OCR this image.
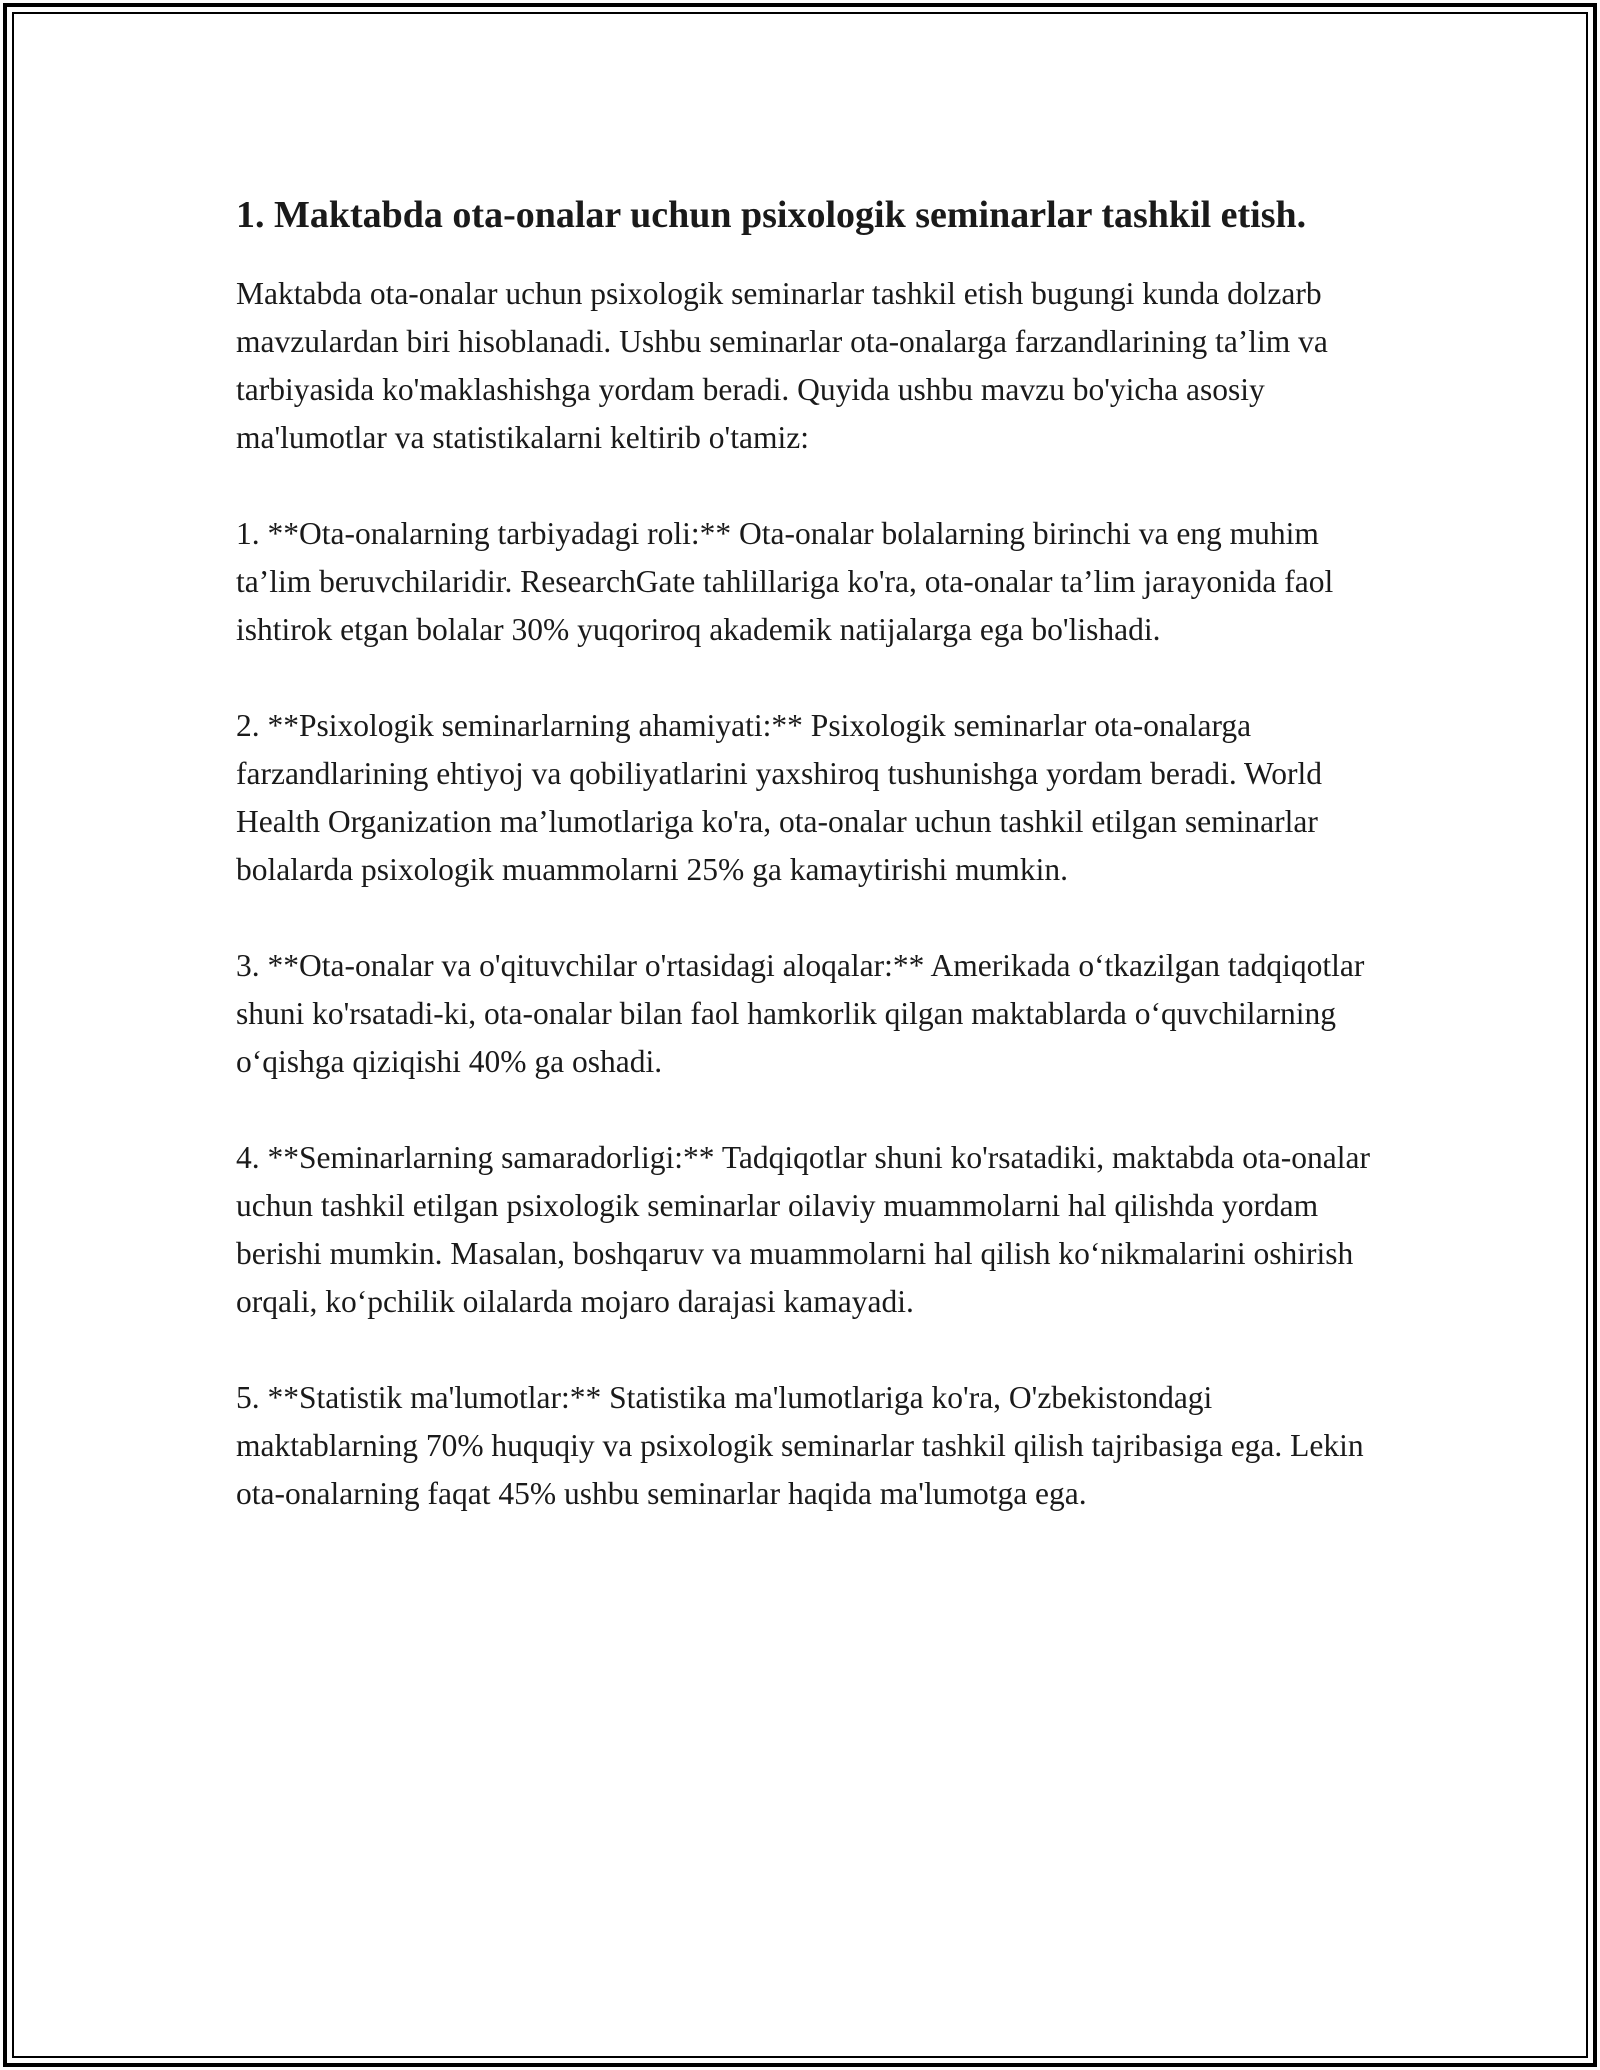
1. Maktabda ota-onalar uchun psixologik seminarlar tashkil etish.

Maktabda ota-onalar uchun psixologik seminarlar tashkil etish bugungi kunda dolzarb mavzulardan biri hisoblanadi. Ushbu seminarlar ota-onalarga farzandlarining ta’lim va tarbiyasida ko'maklashishga yordam beradi. Quyida ushbu mavzu bo'yicha asosiy ma'lumotlar va statistikalarni keltirib o'tamiz:

1. **Ota-onalarning tarbiyadagi roli:** Ota-onalar bolalarning birinchi va eng muhim ta’lim beruvchilaridir. ResearchGate tahlillariga ko'ra, ota-onalar ta’lim jarayonida faol ishtirok etgan bolalar 30% yuqoriroq akademik natijalarga ega bo'lishadi.

2. **Psixologik seminarlarning ahamiyati:** Psixologik seminarlar ota-onalarga farzandlarining ehtiyoj va qobiliyatlarini yaxshiroq tushunishga yordam beradi. World Health Organization ma’lumotlariga ko'ra, ota-onalar uchun tashkil etilgan seminarlar bolalarda psixologik muammolarni 25% ga kamaytirishi mumkin.

3. **Ota-onalar va o'qituvchilar o'rtasidagi aloqalar:** Amerikada o‘tkazilgan tadqiqotlar shuni ko'rsatadi-ki, ota-onalar bilan faol hamkorlik qilgan maktablarda o‘quvchilarning o‘qishga qiziqishi 40% ga oshadi.

4. **Seminarlarning samaradorligi:** Tadqiqotlar shuni ko'rsatadiki, maktabda ota-onalar uchun tashkil etilgan psixologik seminarlar oilaviy muammolarni hal qilishda yordam berishi mumkin. Masalan, boshqaruv va muammolarni hal qilish ko‘nikmalarini oshirish orqali, ko‘pchilik oilalarda mojaro darajasi kamayadi.

5. **Statistik ma'lumotlar:** Statistika ma'lumotlariga ko'ra, O'zbekistondagi maktablarning 70% huquqiy va psixologik seminarlar tashkil qilish tajribasiga ega. Lekin ota-onalarning faqat 45% ushbu seminarlar haqida ma'lumotga ega.
